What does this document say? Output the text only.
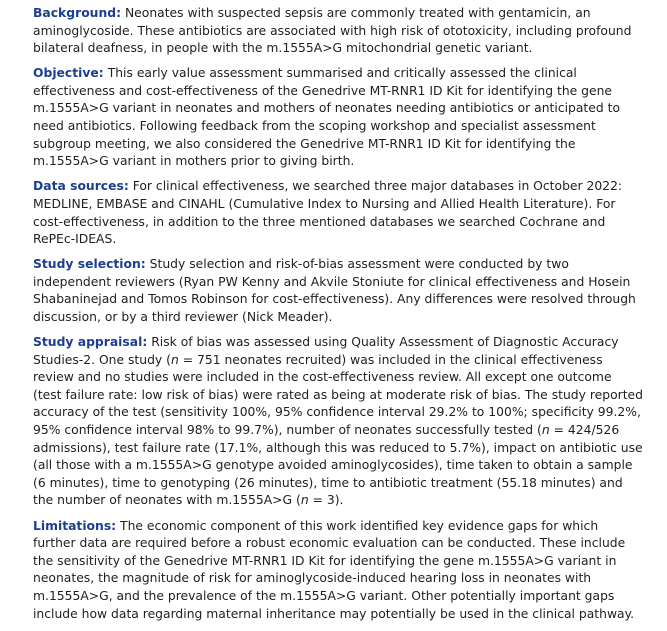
Background: Neonates with suspected sepsis are commonly treated with gentamicin, an aminoglycoside. These antibiotics are associated with high risk of ototoxicity, including profound bilateral deafness, in people with the m.1555A>G mitochondrial genetic variant.

Objective: This early value assessment summarised and critically assessed the clinical effectiveness and cost-effectiveness of the Genedrive MT-RNR1 ID Kit for identifying the gene m.1555A>G variant in neonates and mothers of neonates needing antibiotics or anticipated to need antibiotics. Following feedback from the scoping workshop and specialist assessment subgroup meeting, we also considered the Genedrive MT-RNR1 ID Kit for identifying the m.1555A>G variant in mothers prior to giving birth.

Data sources: For clinical effectiveness, we searched three major databases in October 2022: MEDLINE, EMBASE and CINAHL (Cumulative Index to Nursing and Allied Health Literature). For cost-effectiveness, in addition to the three mentioned databases we searched Cochrane and RePEc-IDEAS.

Study selection: Study selection and risk-of-bias assessment were conducted by two independent reviewers (Ryan PW Kenny and Akvile Stoniute for clinical effectiveness and Hosein Shabaninejad and Tomos Robinson for cost-effectiveness). Any differences were resolved through discussion, or by a third reviewer (Nick Meader).

Study appraisal: Risk of bias was assessed using Quality Assessment of Diagnostic Accuracy Studies-2. One study (n = 751 neonates recruited) was included in the clinical effectiveness review and no studies were included in the cost-effectiveness review. All except one outcome (test failure rate: low risk of bias) were rated as being at moderate risk of bias. The study reported accuracy of the test (sensitivity 100%, 95% confidence interval 29.2% to 100%; specificity 99.2%, 95% confidence interval 98% to 99.7%), number of neonates successfully tested (n = 424/526 admissions), test failure rate (17.1%, although this was reduced to 5.7%), impact on antibiotic use (all those with a m.1555A>G genotype avoided aminoglycosides), time taken to obtain a sample (6 minutes), time to genotyping (26 minutes), time to antibiotic treatment (55.18 minutes) and the number of neonates with m.1555A>G (n = 3).

Limitations: The economic component of this work identified key evidence gaps for which further data are required before a robust economic evaluation can be conducted. These include the sensitivity of the Genedrive MT-RNR1 ID Kit for identifying the gene m.1555A>G variant in neonates, the magnitude of risk for aminoglycoside-induced hearing loss in neonates with m.1555A>G, and the prevalence of the m.1555A>G variant. Other potentially important gaps include how data regarding maternal inheritance may potentially be used in the clinical pathway.
